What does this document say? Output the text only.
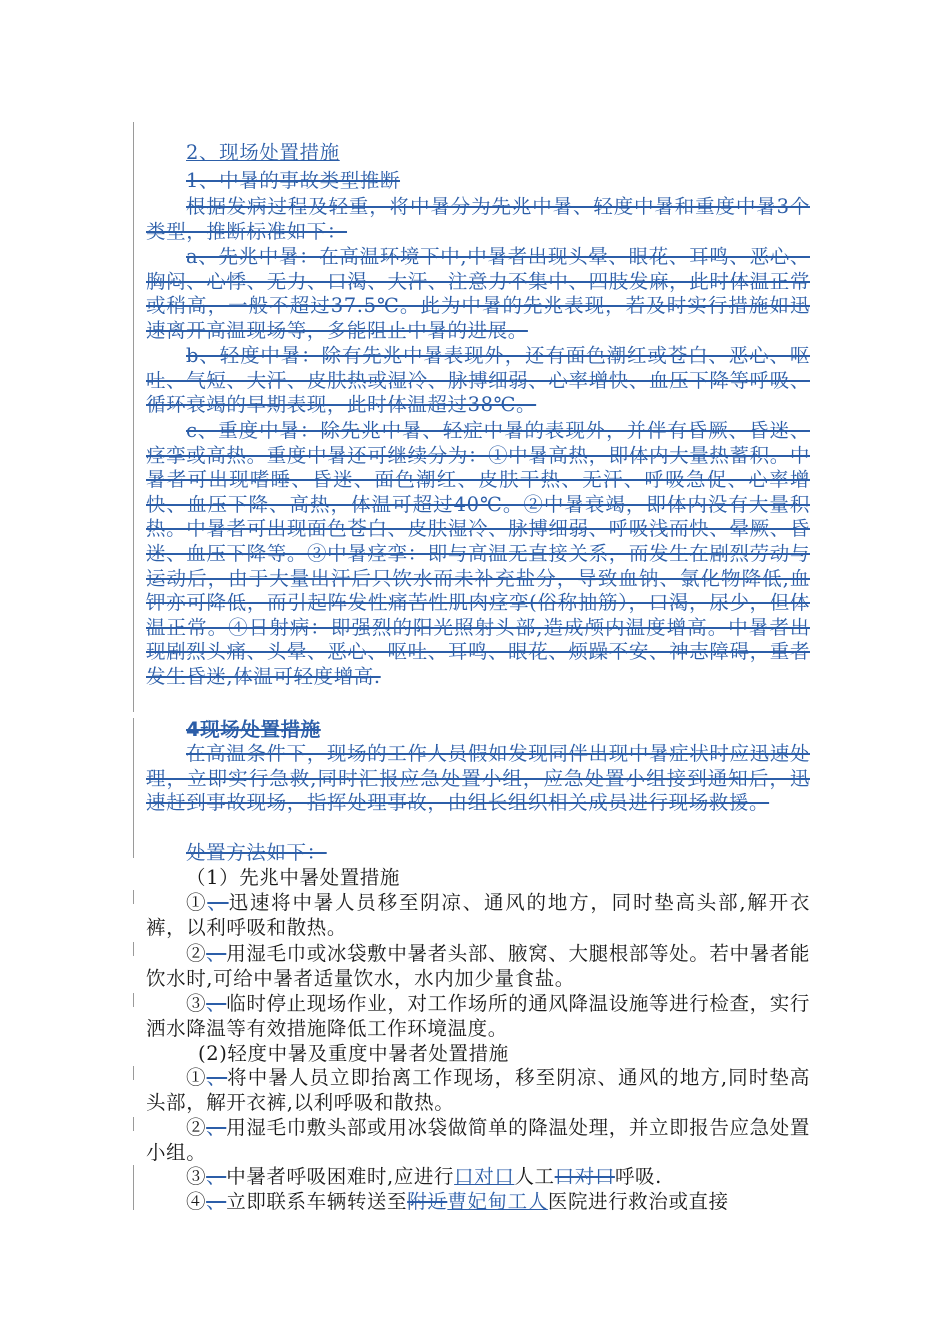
2、现场处置措施

1、中暑的事故类型推断

根据发病过程及轻重，将中暑分为先兆中暑、轻度中暑和重度中暑3个类型，推断标准如下：

a、先兆中暑：在高温环境下中,中暑者出现头晕、眼花、耳鸣、恶心、胸闷、心悸、无力、口渴、大汗、注意力不集中、四肢发麻，此时体温正常或稍高，一般不超过37.5℃。此为中暑的先兆表现，若及时实行措施如迅速离开高温现场等，多能阻止中暑的进展。

b、轻度中暑：除有先兆中暑表现外，还有面色潮红或苍白、恶心、呕吐、气短、大汗、皮肤热或湿冷、脉搏细弱、心率增快、血压下降等呼吸、循环衰竭的早期表现，此时体温超过38℃。

c、重度中暑：除先兆中暑、轻症中暑的表现外，并伴有昏厥、昏迷、痉挛或高热。重度中暑还可继续分为：①中暑高热，即体内大量热蓄积。中暑者可出现嗜睡、昏迷、面色潮红、皮肤干热、无汗、呼吸急促、心率增快、血压下降、高热，体温可超过40℃。②中暑衰竭，即体内没有大量积热。中暑者可出现面色苍白、皮肤湿冷、脉搏细弱、呼吸浅而快、晕厥、昏迷、血压下降等。③中暑痉挛：即与高温无直接关系，而发生在剧烈劳动与运动后，由于大量出汗后只饮水而未补充盐分，导致血钠、氯化物降低,血钾亦可降低，而引起阵发性痛苦性肌肉痉挛(俗称抽筋），口渴，尿少，但体温正常。④日射病：即强烈的阳光照射头部,造成颅内温度增高。中暑者出现剧烈头痛、头晕、恶心、呕吐、耳鸣、眼花、烦躁不安、神志障碍，重者发生昏迷,体温可轻度增高.

4现场处置措施

在高温条件下，现场的工作人员假如发现同伴出现中暑症状时应迅速处理，立即实行急救,同时汇报应急处置小组，应急处置小组接到通知后，迅速赶到事故现场，指挥处理事故，由组长组织相关成员进行现场救援。

处置方法如下：

（1）先兆中暑处置措施

①、迅速将中暑人员移至阴凉、通风的地方，同时垫高头部,解开衣裤，以利呼吸和散热。

②、用湿毛巾或冰袋敷中暑者头部、腋窝、大腿根部等处。若中暑者能饮水时,可给中暑者适量饮水，水内加少量食盐。

③、临时停止现场作业，对工作场所的通风降温设施等进行检查，实行洒水降温等有效措施降低工作环境温度。

(2)轻度中暑及重度中暑者处置措施

①、将中暑人员立即抬离工作现场，移至阴凉、通风的地方,同时垫高头部，解开衣裤,以利呼吸和散热。

②、用湿毛巾敷头部或用冰袋做简单的降温处理，并立即报告应急处置小组。

③、中暑者呼吸困难时,应进行口对口人工口对口呼吸.

④、立即联系车辆转送至附近曹妃甸工人医院进行救治或直接
